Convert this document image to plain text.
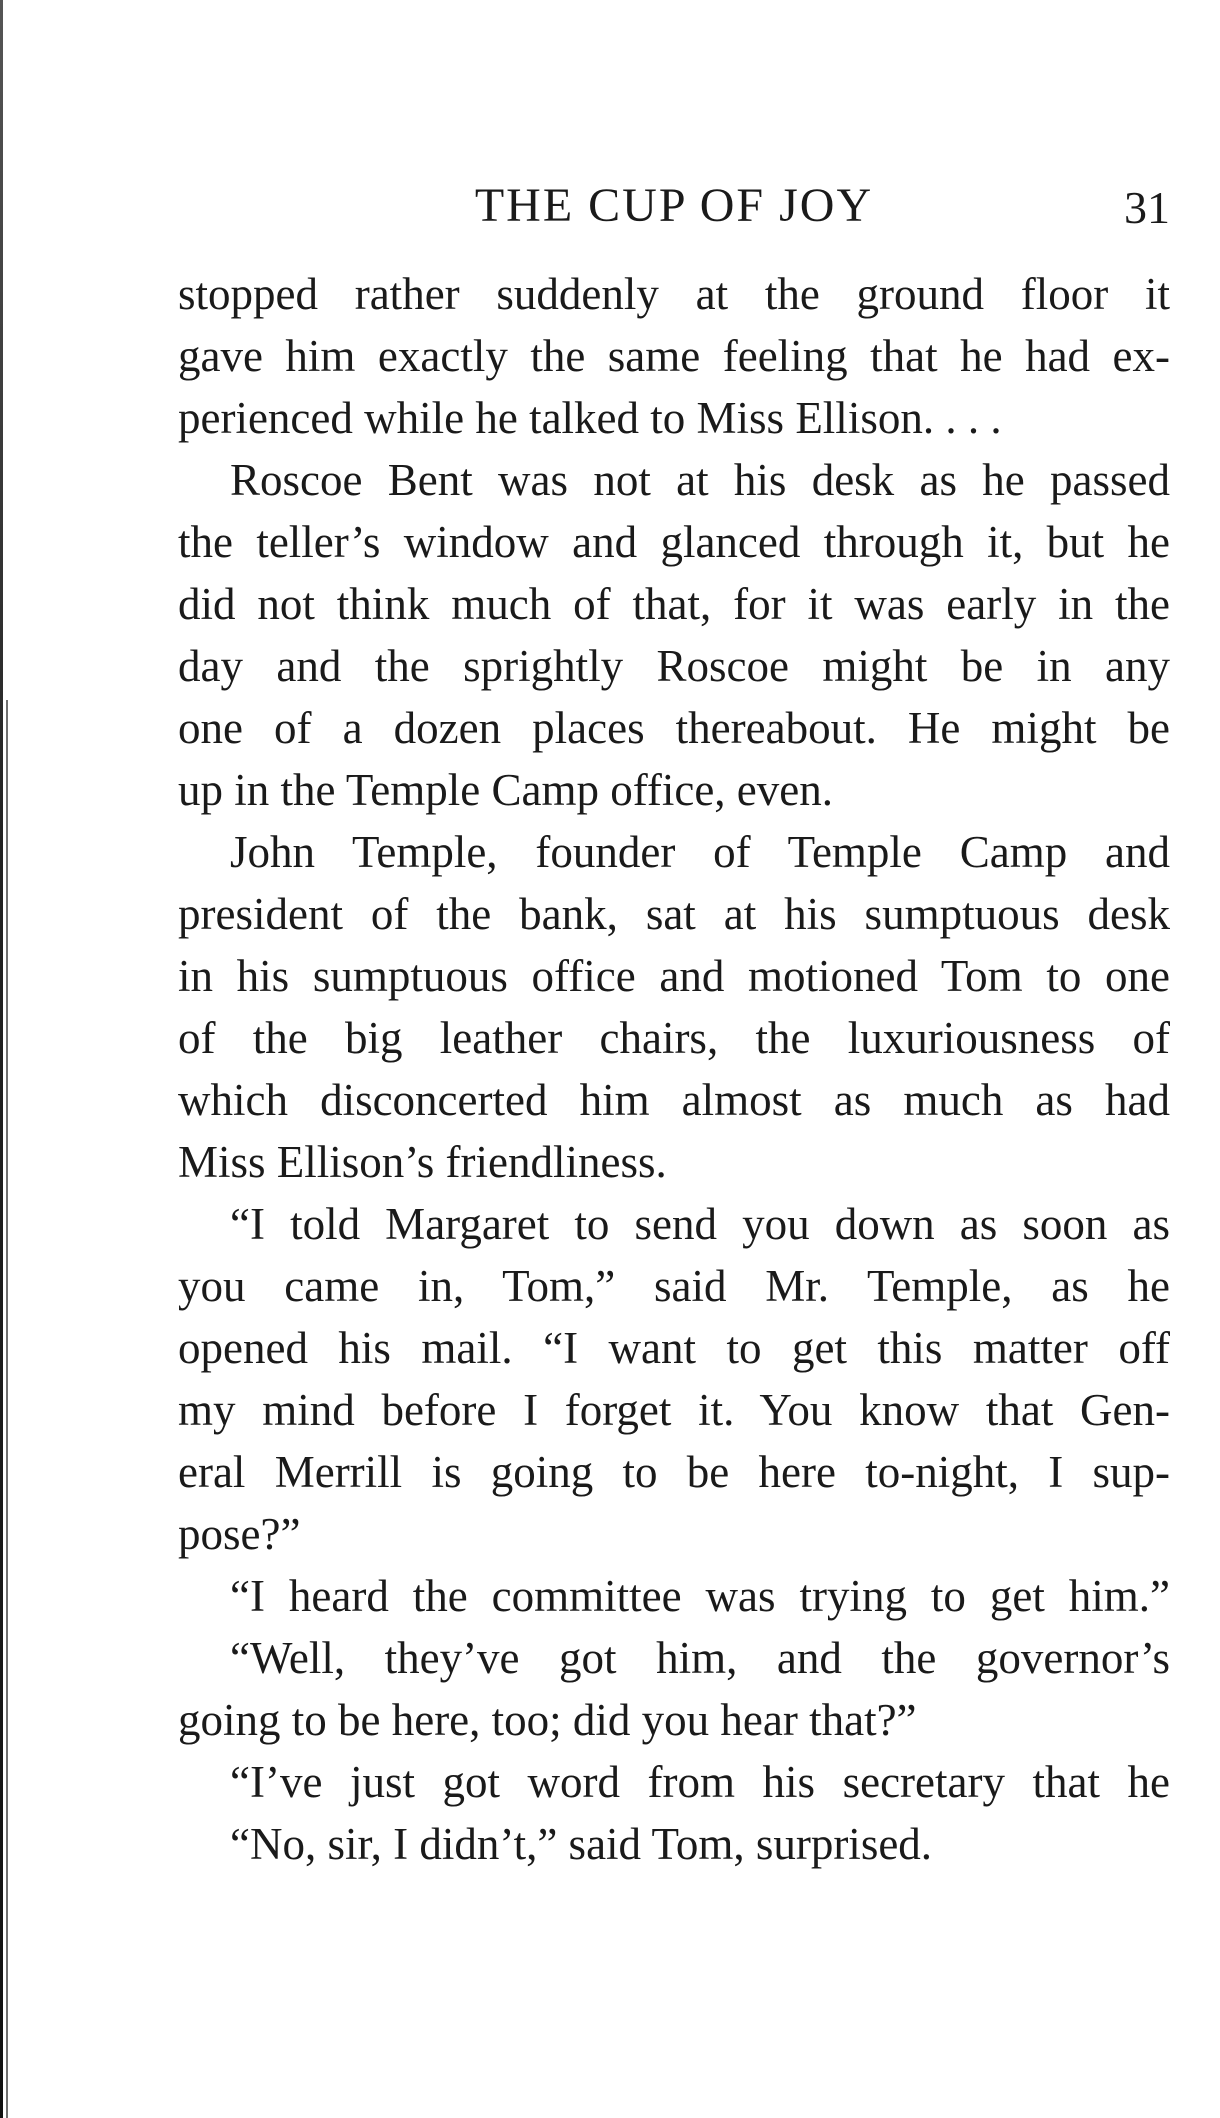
THE CUP OF JOY	31
stopped rather suddenly at the ground floor it
gave him exactly the same feeling that he had ex-
perienced while he talked to Miss Ellison. . . .
Roscoe Bent was not at his desk as he passed
the teller’s window and glanced through it, but he
did not think much of that, for it was early in the
day and the sprightly Roscoe might be in any
one of a dozen places thereabout. He might be
up in the Temple Camp office, even.
John Temple, founder of Temple Camp and
president of the bank, sat at his sumptuous desk
in his sumptuous office and motioned Tom to one
of the big leather chairs, the luxuriousness of
which disconcerted him almost as much as had
Miss Ellison’s friendliness.
“I told Margaret to send you down as soon as
you came in, Tom,” said Mr. Temple, as he
opened his mail. “I want to get this matter off
my mind before I forget it. You know that Gen-
eral Merrill is going to be here to-night, I sup-
pose?”
“I heard the committee was trying to get him.”
“Well, they’ve got him, and the governor’s
going to be here, too; did you hear that?”
“I’ve just got word from his secretary that he
“No, sir, I didn’t,” said Tom, surprised.
